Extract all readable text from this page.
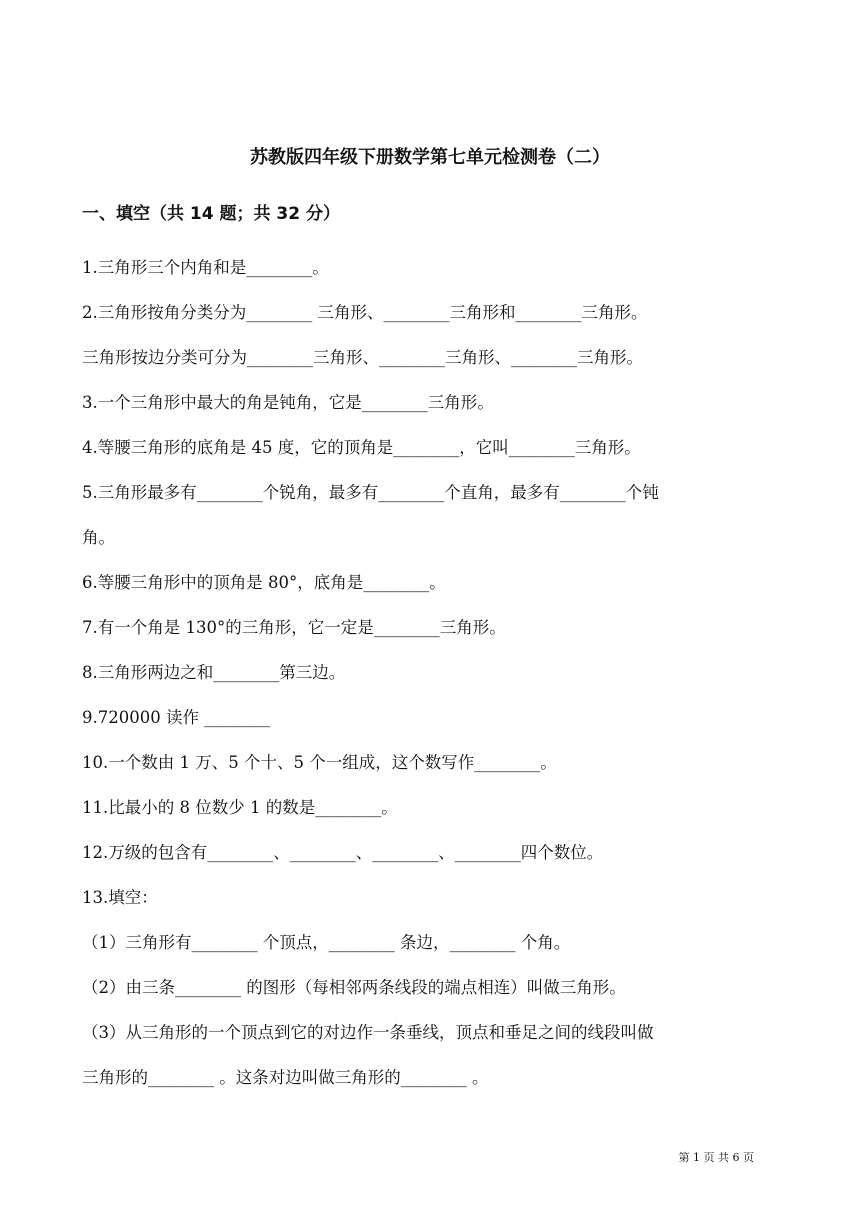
苏教版四年级下册数学第七单元检测卷（二）
一、填空（共 14 题；共 32 分）
1.三角形三个内角和是________。
2.三角形按角分类分为________ 三角形、________三角形和________三角形。
三角形按边分类可分为________三角形、________三角形、________三角形。
3.一个三角形中最大的角是钝角，它是________三角形。
4.等腰三角形的底角是 45 度，它的顶角是________，它叫________三角形。
5.三角形最多有________个锐角，最多有________个直角，最多有________个钝
角。
6.等腰三角形中的顶角是 80°，底角是________。
7.有一个角是 130°的三角形，它一定是________三角形。
8.三角形两边之和________第三边。
9.720000 读作 ________
10.一个数由 1 万、5 个十、5 个一组成，这个数写作________。
11.比最小的 8 位数少 1 的数是________。
12.万级的包含有________、________、________、________四个数位。
13.填空：
（1）三角形有________ 个顶点，________ 条边，________ 个角。
（2）由三条________ 的图形（每相邻两条线段的端点相连）叫做三角形。
（3）从三角形的一个顶点到它的对边作一条垂线，顶点和垂足之间的线段叫做
三角形的________ 。这条对边叫做三角形的________ 。
第 1 页 共 6 页
